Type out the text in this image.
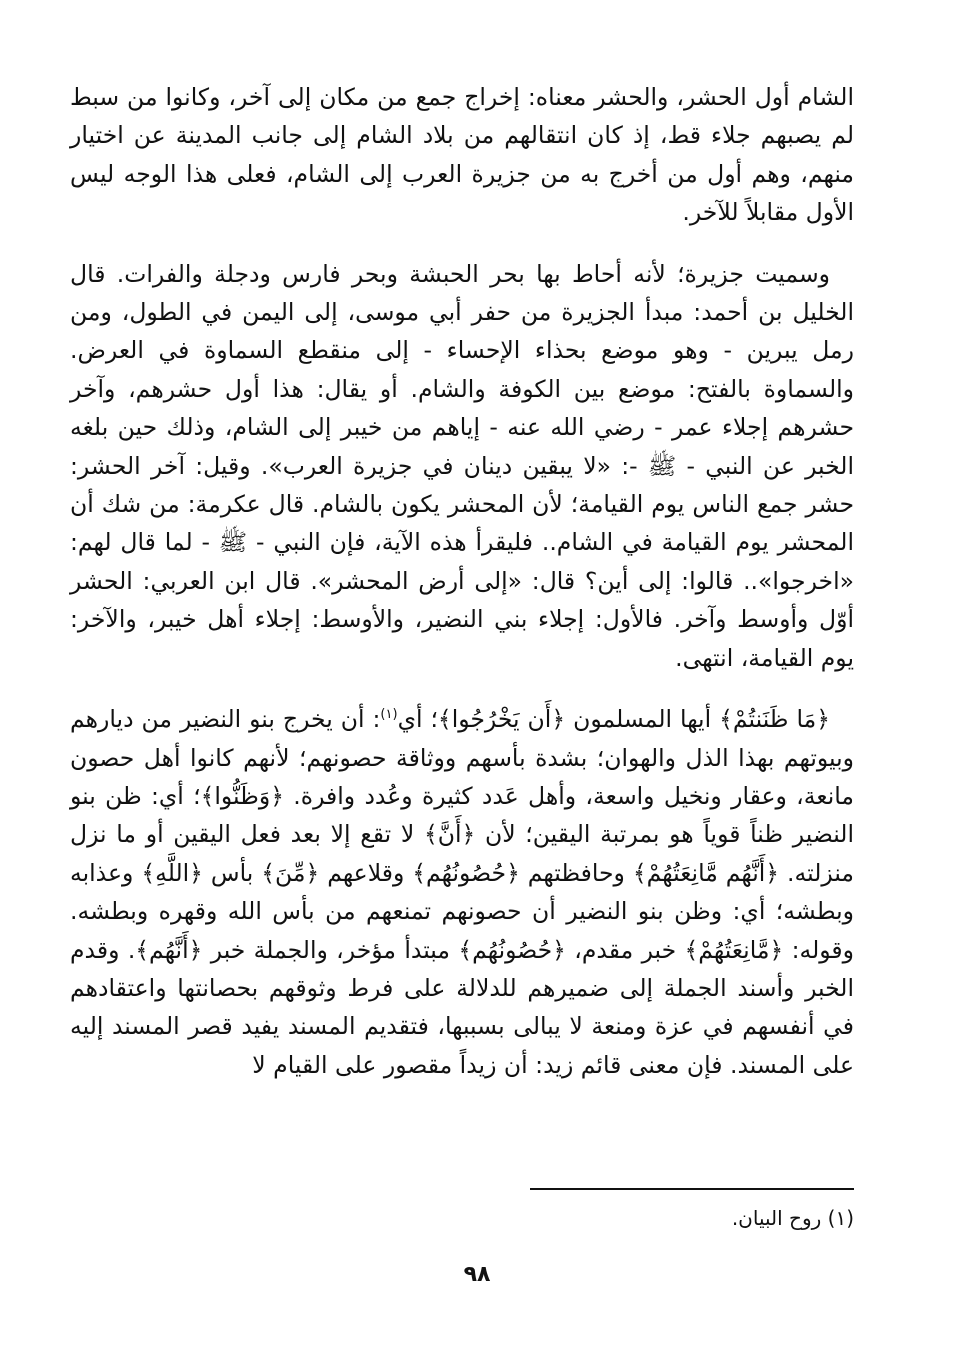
الشام أول الحشر، والحشر معناه: إخراج جمع من مكان إلى آخر، وكانوا من سبط لم يصبهم جلاء قط، إذ كان انتقالهم من بلاد الشام إلى جانب المدينة عن اختيار منهم، وهم أول من أخرج به من جزيرة العرب إلى الشام، فعلى هذا الوجه ليس الأول مقابلاً للآخر.

وسميت جزيرة؛ لأنه أحاط بها بحر الحبشة وبحر فارس ودجلة والفرات. قال الخليل بن أحمد: مبدأ الجزيرة من حفر أبي موسى، إلى اليمن في الطول، ومن رمل يبرين - وهو موضع بحذاء الإحساء - إلى منقطع السماوة في العرض. والسماوة بالفتح: موضع بين الكوفة والشام. أو يقال: هذا أول حشرهم، وآخر حشرهم إجلاء عمر - رضي الله عنه - إياهم من خيبر إلى الشام، وذلك حين بلغه الخبر عن النبي - ﷺ -: «لا يبقين دينان في جزيرة العرب». وقيل: آخر الحشر: حشر جمع الناس يوم القيامة؛ لأن المحشر يكون بالشام. قال عكرمة: من شك أن المحشر يوم القيامة في الشام.. فليقرأ هذه الآية، فإن النبي - ﷺ - لما قال لهم: «اخرجوا».. قالوا: إلى أين؟ قال: «إلى أرض المحشر». قال ابن العربي: الحشر أوّل وأوسط وآخر. فالأول: إجلاء بني النضير، والأوسط: إجلاء أهل خيبر، والآخر: يوم القيامة، انتهى.

﴿مَا ظَنَنتُمْ﴾ أيها المسلمون ﴿أَن يَخْرُجُوا﴾؛ أي$^{(١)}$: أن يخرج بنو النضير من ديارهم وبيوتهم بهذا الذل والهوان؛ بشدة بأسهم ووثاقة حصونهم؛ لأنهم كانوا أهل حصون مانعة، وعقار ونخيل واسعة، وأهل عَدد كثيرة وعُدد وافرة. ﴿وَظَنُّوا﴾؛ أي: ظن بنو النضير ظناً قوياً هو بمرتبة اليقين؛ لأن ﴿أَنَّ﴾ لا تقع إلا بعد فعل اليقين أو ما نزل منزلته. ﴿أَنَّهُم مَّانِعَتُهُمْ﴾ وحافظتهم ﴿حُصُونُهُم﴾ وقلاعهم ﴿مِّنَ﴾ بأس ﴿اللَّهِ﴾ وعذابه وبطشه؛ أي: وظن بنو النضير أن حصونهم تمنعهم من بأس الله وقهره وبطشه. وقوله: ﴿مَّانِعَتُهُمْ﴾ خبر مقدم، ﴿حُصُونُهُم﴾ مبتدأ مؤخر، والجملة خبر ﴿أَنَّهُم﴾. وقدم الخبر وأسند الجملة إلى ضميرهم للدلالة على فرط وثوقهم بحصانتها واعتقادهم في أنفسهم في عزة ومنعة لا يبالى بسببها، فتقديم المسند يفيد قصر المسند إليه على المسند. فإن معنى قائم زيد: أن زيداً مقصور على القيام لا

(١) روح البيان.
٩٨
